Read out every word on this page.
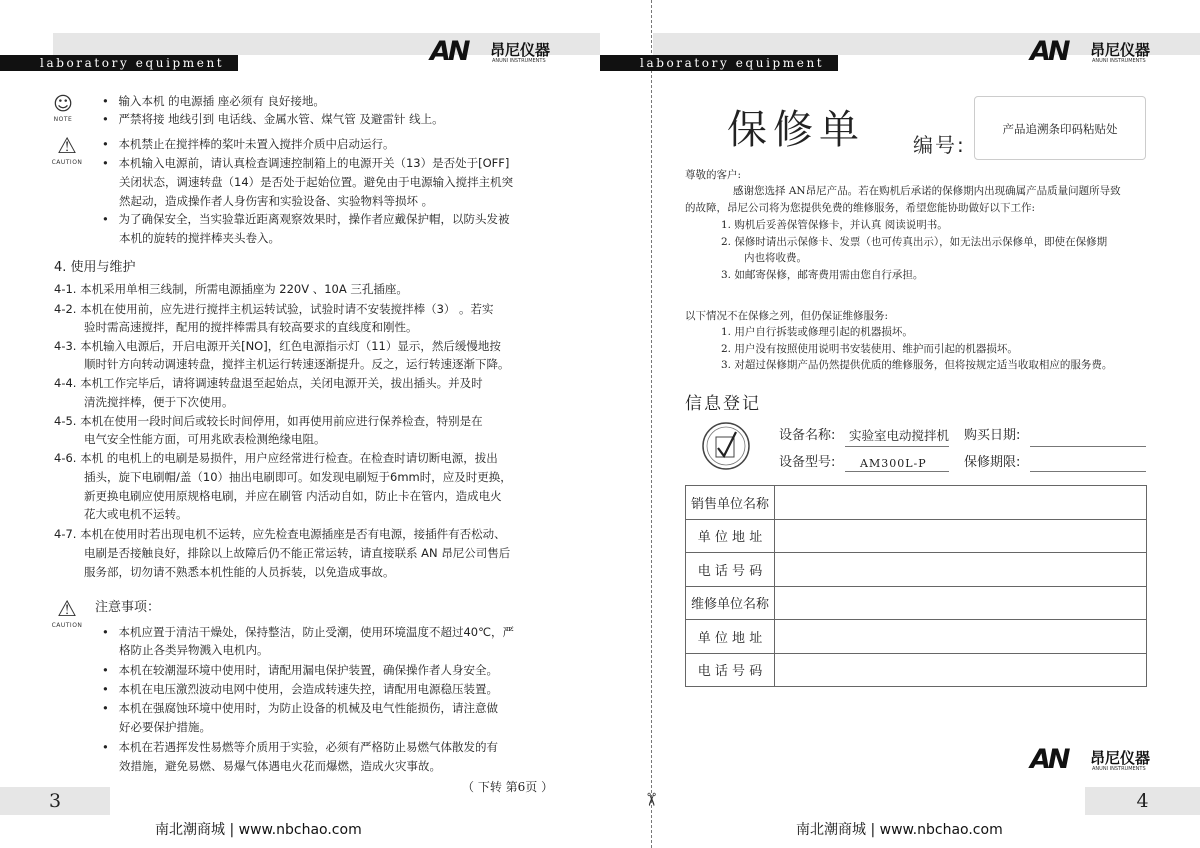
laboratory equipment	AN 昂尼仪器
ANUNI INSTRUMENTS
☺
NOTE
• 输入本机 的电源插 座必须有 良好接地。
• 严禁将接 地线引到 电话线、金属水管、煤气管 及避雷针 线上。
⚠
CAUTION
• 本机禁止在搅拌棒的桨叶未置入搅拌介质中启动运行。
• 本机输入电源前，请认真检查调速控制箱上的电源开关（13）是否处于[OFF]
关闭状态，调速转盘（14）是否处于起始位置。避免由于电源输入搅拌主机突
然起动，造成操作者人身伤害和实验设备、实验物料等损坏 。
• 为了确保安全，当实验靠近距离观察效果时，操作者应戴保护帽，以防头发被
本机的旋转的搅拌棒夹头卷入。
4. 使用与维护
4-1. 本机采用单相三线制，所需电源插座为 220V 、10A 三孔插座。
4-2. 本机在使用前，应先进行搅拌主机运转试验，试验时请不安装搅拌棒（3） 。若实
验时需高速搅拌，配用的搅拌棒需具有较高要求的直线度和刚性。
4-3. 本机输入电源后，开启电源开关[NO]，红色电源指示灯（11）显示，然后缓慢地按
顺时针方向转动调速转盘，搅拌主机运行转速逐渐提升。反之，运行转速逐渐下降。
4-4. 本机工作完毕后，请将调速转盘退至起始点，关闭电源开关，拔出插头。并及时
清洗搅拌棒，便于下次使用。
4-5. 本机在使用一段时间后或较长时间停用，如再使用前应进行保养检查，特别是在
电气安全性能方面，可用兆欧表检测绝缘电阻。
4-6. 本机 的电机上的电刷是易损件，用户应经常进行检查。在检查时请切断电源，拔出
插头，旋下电刷帽/盖（10）抽出电刷即可。如发现电刷短于6mm时，应及时更换，
新更换电刷应使用原规格电刷，并应在刷管 内活动自如，防止卡在管内，造成电火
花大或电机不运转。
4-7. 本机在使用时若出现电机不运转，应先检查电源插座是否有电源，接插件有否松动、
电刷是否接触良好，排除以上故障后仍不能正常运转，请直接联系 AN 昂尼公司售后
服务部，切勿请不熟悉本机性能的人员拆装，以免造成事故。
⚠
CAUTION
注意事项：
• 本机应置于清洁干燥处，保持整洁，防止受潮，使用环境温度不超过40℃，严
格防止各类异物溅入电机内。
• 本机在较潮湿环境中使用时，请配用漏电保护装置，确保操作者人身安全。
• 本机在电压激烈波动电网中使用，会造成转速失控，请配用电源稳压装置。
• 本机在强腐蚀环境中使用时，为防止设备的机械及电气性能损伤，请注意做
好必要保护措施。
• 本机在若遇挥发性易燃等介质用于实验，必须有严格防止易燃气体散发的有
效措施，避免易燃、易爆气体遇电火花而爆燃，造成火灾事故。
（ 下转 第6页 ）
3
南北潮商城 | www.nbchao.com
✂
laboratory equipment	AN 昂尼仪器
ANUNI INSTRUMENTS
保修单 编号:
产品追溯条印码粘贴处
尊敬的客户:
感谢您选择 AN昂尼产品。若在购机后承诺的保修期内出现确属产品质量问题所导致
的故障，昂尼公司将为您提供免费的维修服务，希望您能协助做好以下工作:
1. 购机后妥善保管保修卡，并认真 阅读说明书。
2. 保修时请出示保修卡、发票（也可传真出示），如无法出示保修单，即使在保修期
内也将收费。
3. 如邮寄保修，邮寄费用需由您自行承担。
以下情况不在保修之列，但仍保证维修服务:
1. 用户自行拆装或修理引起的机器损坏。
2. 用户没有按照使用说明书安装使用、维护而引起的机器损坏。
3. 对超过保修期产品仍然提供优质的维修服务，但将按规定适当收取相应的服务费。
信息登记
设备名称: 实验室电动搅拌机 购买日期:
设备型号: AM300L-P	保修期限:
销售单位名称	
单 位 地 址	
电 话 号 码	
维修单位名称	
单 位 地 址	
电 话 号 码	
AN 昂尼仪器
ANUNI INSTRUMENTS
4
南北潮商城 | www.nbchao.com
